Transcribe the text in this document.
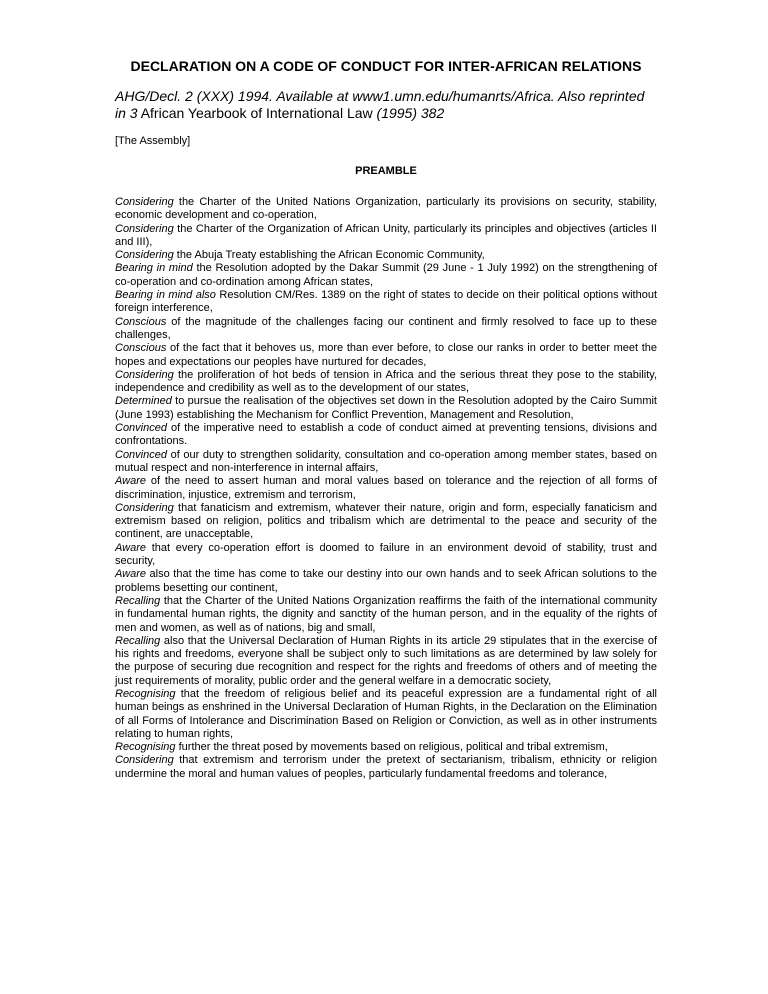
DECLARATION ON A CODE OF CONDUCT FOR INTER-AFRICAN RELATIONS

AHG/Decl. 2 (XXX) 1994. Available at www1.umn.edu/humanrts/Africa. Also reprinted in 3 African Yearbook of International Law (1995) 382

[The Assembly]

PREAMBLE

Considering the Charter of the United Nations Organization, particularly its provisions on security, stability, economic development and co-operation,

Considering the Charter of the Organization of African Unity, particularly its principles and objectives (articles II and III),

Considering the Abuja Treaty establishing the African Economic Community,

Bearing in mind the Resolution adopted by the Dakar Summit (29 June - 1 July 1992) on the strengthening of co-operation and co-ordination among African states,

Bearing in mind also Resolution CM/Res. 1389 on the right of states to decide on their political options without foreign interference,

Conscious of the magnitude of the challenges facing our continent and firmly resolved to face up to these challenges,

Conscious of the fact that it behoves us, more than ever before, to close our ranks in order to better meet the hopes and expectations our peoples have nurtured for decades,

Considering the proliferation of hot beds of tension in Africa and the serious threat they pose to the stability, independence and credibility as well as to the development of our states,

Determined to pursue the realisation of the objectives set down in the Resolution adopted by the Cairo Summit (June 1993) establishing the Mechanism for Conflict Prevention, Management and Resolution,

Convinced of the imperative need to establish a code of conduct aimed at preventing tensions, divisions and confrontations.

Convinced of our duty to strengthen solidarity, consultation and co-operation among member states, based on mutual respect and non-interference in internal affairs,

Aware of the need to assert human and moral values based on tolerance and the rejection of all forms of discrimination, injustice, extremism and terrorism,

Considering that fanaticism and extremism, whatever their nature, origin and form, especially fanaticism and extremism based on religion, politics and tribalism which are detrimental to the peace and security of the continent, are unacceptable,

Aware that every co-operation effort is doomed to failure in an environment devoid of stability, trust and security,

Aware also that the time has come to take our destiny into our own hands and to seek African solutions to the problems besetting our continent,

Recalling that the Charter of the United Nations Organization reaffirms the faith of the international community in fundamental human rights, the dignity and sanctity of the human person, and in the equality of the rights of men and women, as well as of nations, big and small,

Recalling also that the Universal Declaration of Human Rights in its article 29 stipulates that in the exercise of his rights and freedoms, everyone shall be subject only to such limitations as are determined by law solely for the purpose of securing due recognition and respect for the rights and freedoms of others and of meeting the just requirements of morality, public order and the general welfare in a democratic society,

Recognising that the freedom of religious belief and its peaceful expression are a fundamental right of all human beings as enshrined in the Universal Declaration of Human Rights, in the Declaration on the Elimination of all Forms of Intolerance and Discrimination Based on Religion or Conviction, as well as in other instruments relating to human rights,

Recognising further the threat posed by movements based on religious, political and tribal extremism,

Considering that extremism and terrorism under the pretext of sectarianism, tribalism, ethnicity or religion undermine the moral and human values of peoples, particularly fundamental freedoms and tolerance,
